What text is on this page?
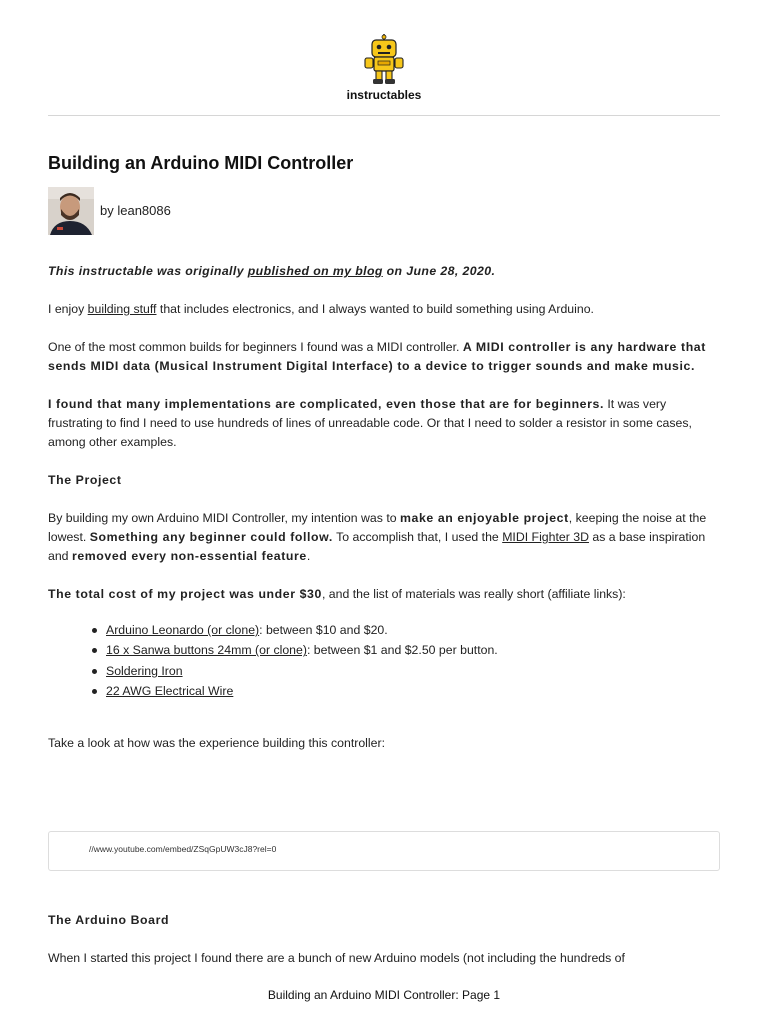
instructables
Building an Arduino MIDI Controller
by lean8086

This instructable was originally published on my blog on June 28, 2020.

I enjoy building stuff that includes electronics, and I always wanted to build something using Arduino.

One of the most common builds for beginners I found was a MIDI controller. A MIDI controller is any hardware that sends MIDI data (Musical Instrument Digital Interface) to a device to trigger sounds and make music.

I found that many implementations are complicated, even those that are for beginners. It was very frustrating to find I need to use hundreds of lines of unreadable code. Or that I need to solder a resistor in some cases, among other examples.

The Project

By building my own Arduino MIDI Controller, my intention was to make an enjoyable project, keeping the noise at the lowest. Something any beginner could follow. To accomplish that, I used the MIDI Fighter 3D as a base inspiration and removed every non-essential feature.

The total cost of my project was under $30, and the list of materials was really short (affiliate links):

Arduino Leonardo (or clone): between $10 and $20.
16 x Sanwa buttons 24mm (or clone): between $1 and $2.50 per button.
Soldering Iron
22 AWG Electrical Wire

Take a look at how was the experience building this controller:

//www.youtube.com/embed/ZSqGpUW3cJ8?rel=0

The Arduino Board

When I started this project I found there are a bunch of new Arduino models (not including the hundreds of

Building an Arduino MIDI Controller: Page 1
